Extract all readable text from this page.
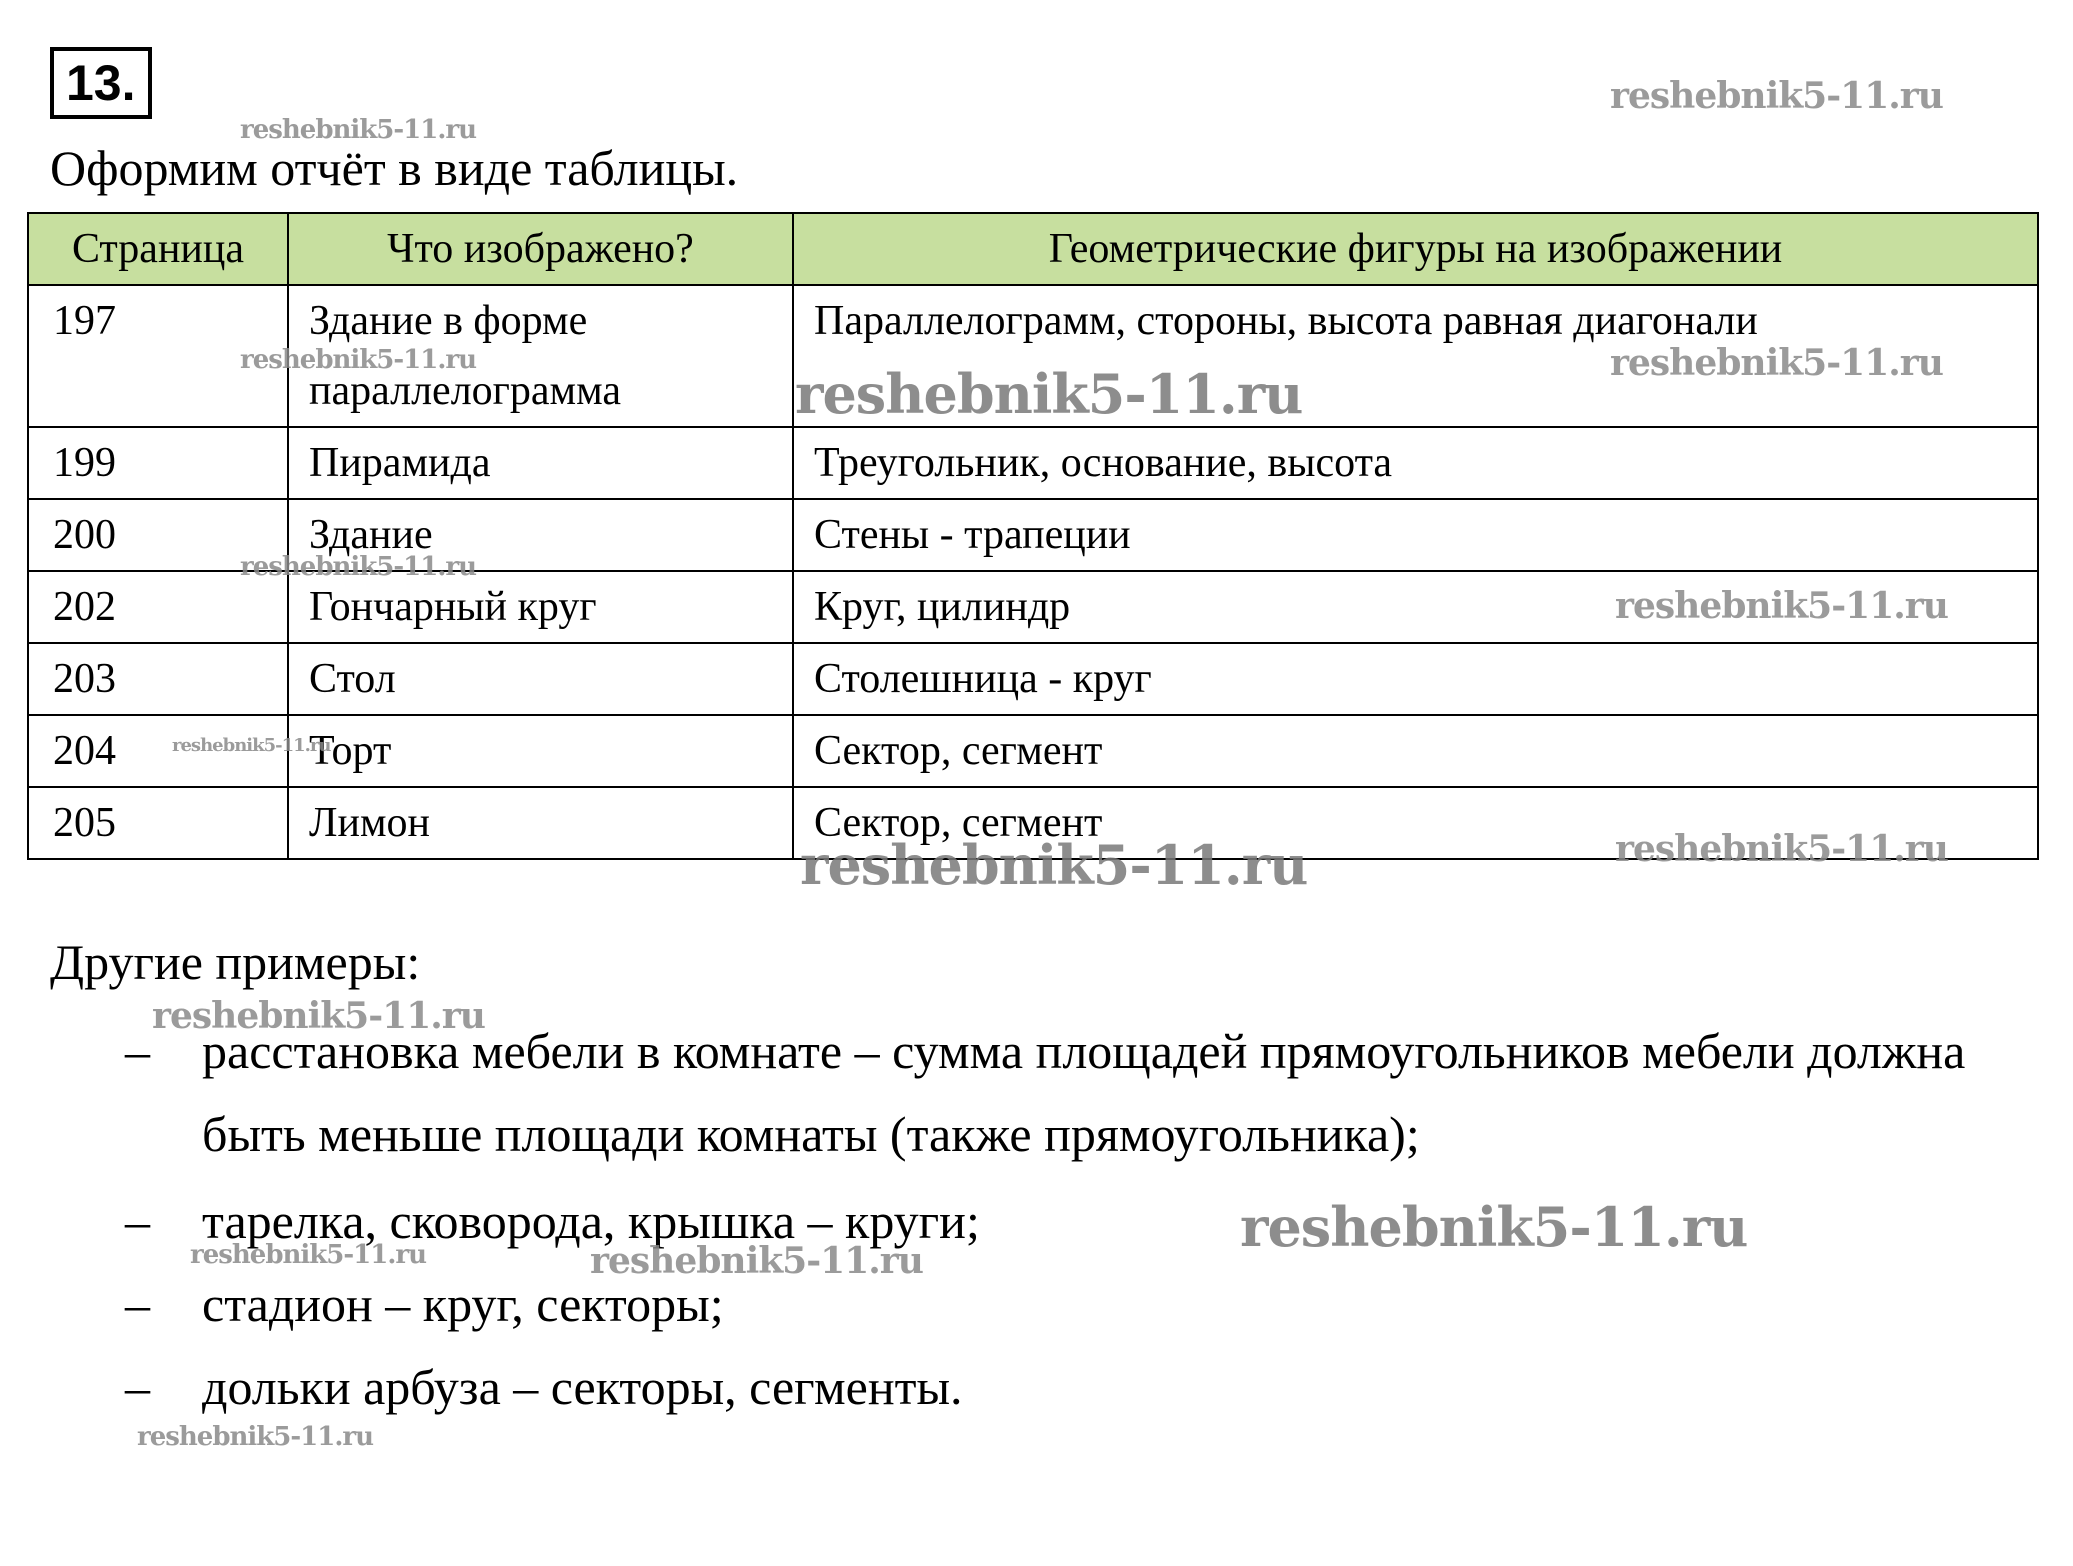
13.
Оформим отчёт в виде таблицы.
Страница	Что изображено?	Геометрические фигуры на изображении
197	Здание в форме параллелограмма	Параллелограмм, стороны, высота равная диагонали
199	Пирамида	Треугольник, основание, высота
200	Здание	Стены - трапеции
202	Гончарный круг	Круг, цилиндр
203	Стол	Столешница - круг
204	Торт	Сектор, сегмент
205	Лимон	Сектор, сегмент
Другие примеры:
– расстановка мебели в комнате – сумма площадей прямоугольников мебели должна быть меньше площади комнаты (также прямоугольника);
– тарелка, сковорода, крышка – круги;
– стадион – круг, секторы;
– дольки арбуза – секторы, сегменты.
reshebnik5-11.ru
reshebnik5-11.ru
reshebnik5-11.ru	reshebnik5-11.ru
reshebnik5-11.ru
reshebnik5-11.ru
reshebnik5-11.ru
reshebnik5-11.ru
reshebnik5-11.ru
reshebnik5-11.ru
reshebnik5-11.ru
reshebnik5-11.ru
reshebnik5-11.ru	reshebnik5-11.ru
reshebnik5-11.ru
